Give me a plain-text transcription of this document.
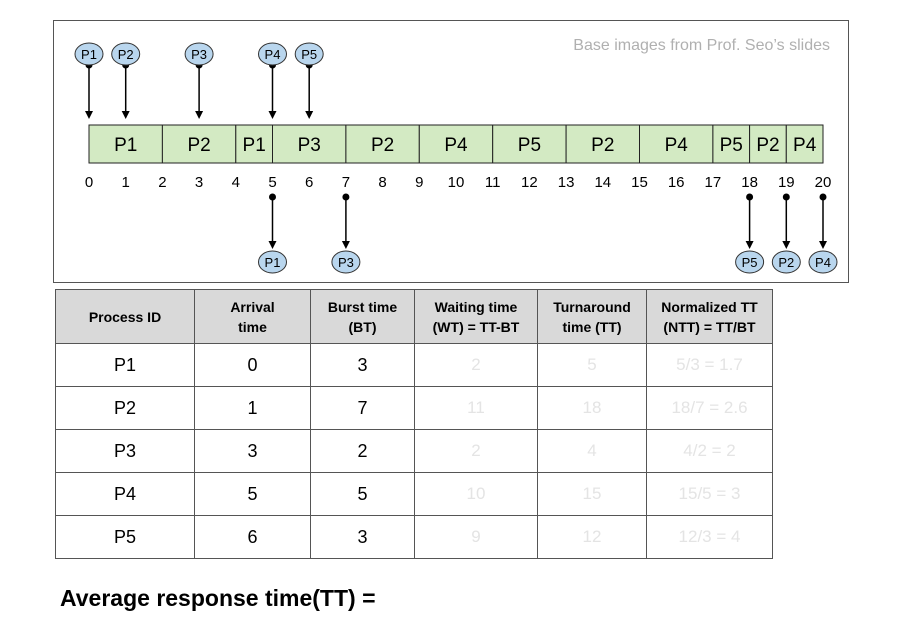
Base images from Prof. Seo’s slides
P1	P2 P1 P3	P2	P4	P5	P2	P4 P5 P2 P4
0 1 2 3 4 5 6 7 8 9 10 11 12 13 14 15 16 17 18 19 20
P1 P2	P3	P4 P5
P1	P3	P5 P2 P4
Process ID	Arrival time	Burst time (BT)	Waiting time (WT) = TT-BT	Turnaround time (TT)	Normalized TT (NTT) = TT/BT
P1	0	3	2	5	5/3 = 1.7
P2	1	7	11	18	18/7 = 2.6
P3	3	2	2	4	4/2 = 2
P4	5	5	10	15	15/5 = 3
P5	6	3	9	12	12/3 = 4
Average response time(TT) =
